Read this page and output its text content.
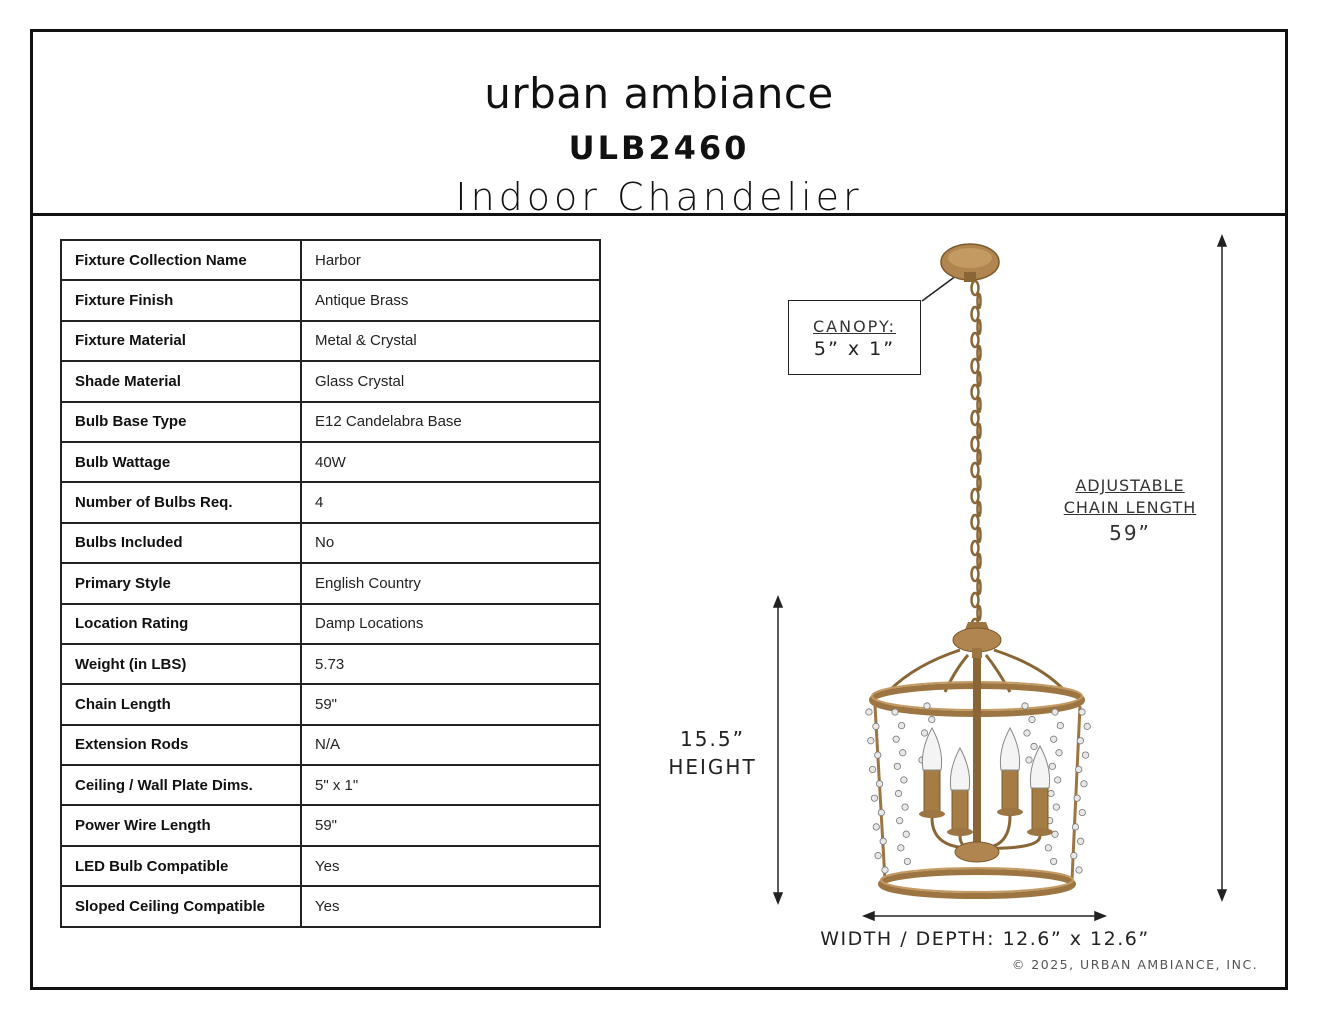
urban ambiance
ULB2460
Indoor Chandelier
Fixture Collection Name	Harbor
Fixture Finish	Antique Brass
Fixture Material	Metal & Crystal
Shade Material	Glass Crystal
Bulb Base Type	E12 Candelabra Base
Bulb Wattage	40W
Number of Bulbs Req.	4
Bulbs Included	No
Primary Style	English Country
Location Rating	Damp Locations
Weight (in LBS)	5.73
Chain Length	59"
Extension Rods	N/A
Ceiling / Wall Plate Dims.	5" x 1"
Power Wire Length	59"
LED Bulb Compatible	Yes
Sloped Ceiling Compatible	Yes
CANOPY:
5” x 1”
ADJUSTABLE
CHAIN LENGTH
59”
15.5”
HEIGHT
WIDTH / DEPTH: 12.6” x 12.6”
© 2025, URBAN AMBIANCE, INC.
